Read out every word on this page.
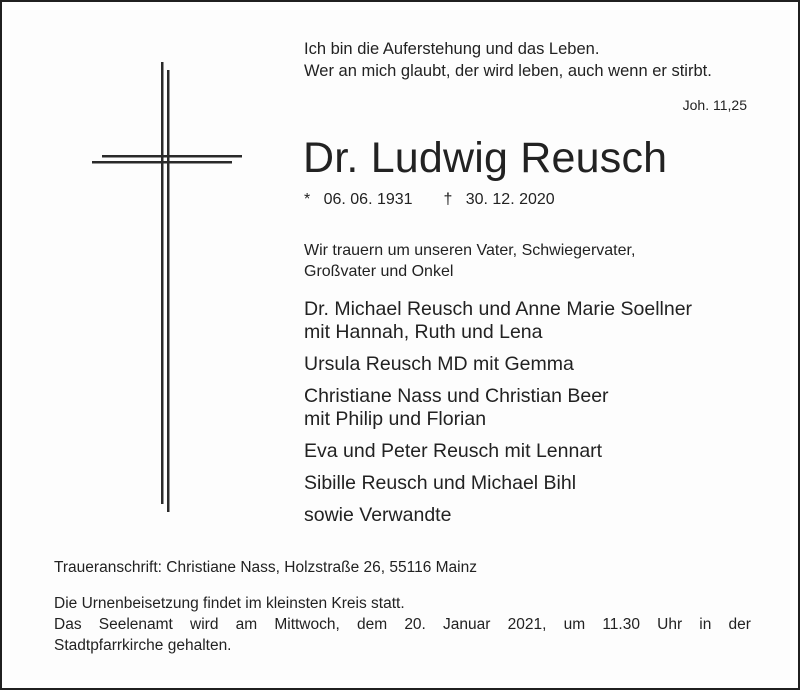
Ich bin die Auferstehung und das Leben.
Wer an mich glaubt, der wird leben, auch wenn er stirbt.
Joh. 11,25
Dr. Ludwig Reusch
* 06. 06. 1931 † 30. 12. 2020
Wir trauern um unseren Vater, Schwiegervater,
Großvater und Onkel
Dr. Michael Reusch und Anne Marie Soellner
mit Hannah, Ruth und Lena
Ursula Reusch MD mit Gemma
Christiane Nass und Christian Beer
mit Philip und Florian
Eva und Peter Reusch mit Lennart
Sibille Reusch und Michael Bihl
sowie Verwandte
Traueranschrift: Christiane Nass, Holzstraße 26, 55116 Mainz
Die Urnenbeisetzung findet im kleinsten Kreis statt.
Das Seelenamt wird am Mittwoch, dem 20. Januar 2021, um 11.30 Uhr in der
Stadtpfarrkirche gehalten.
